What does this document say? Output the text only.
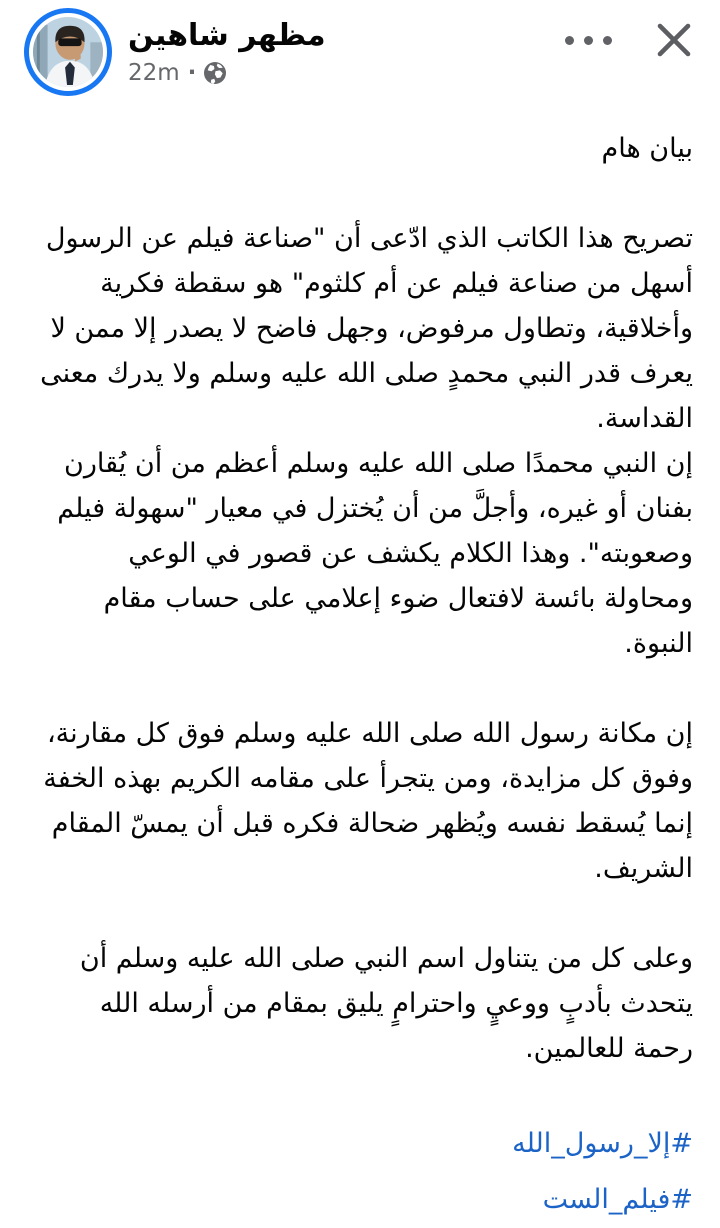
مظهر شاهين
22m ·
بيان هام
تصريح هذا الكاتب الذي ادّعى أن "صناعة فيلم عن الرسول
أسهل من صناعة فيلم عن أم كلثوم" هو سقطة فكرية
وأخلاقية، وتطاول مرفوض، وجهل فاضح لا يصدر إلا ممن لا
يعرف قدر النبي محمدٍ صلى الله عليه وسلم ولا يدرك معنى
القداسة.
إن النبي محمدًا صلى الله عليه وسلم أعظم من أن يُقارن
بفنان أو غيره، وأجلَّ من أن يُختزل في معيار "سهولة فيلم
وصعوبته". وهذا الكلام يكشف عن قصور في الوعي
ومحاولة بائسة لافتعال ضوء إعلامي على حساب مقام
النبوة.
إن مكانة رسول الله صلى الله عليه وسلم فوق كل مقارنة،
وفوق كل مزايدة، ومن يتجرأ على مقامه الكريم بهذه الخفة
إنما يُسقط نفسه ويُظهر ضحالة فكره قبل أن يمسّ المقام
الشريف.
وعلى كل من يتناول اسم النبي صلى الله عليه وسلم أن
يتحدث بأدبٍ ووعيٍ واحترامٍ يليق بمقام من أرسله الله
رحمة للعالمين.
#إلا_رسول_الله
#فيلم_الست
